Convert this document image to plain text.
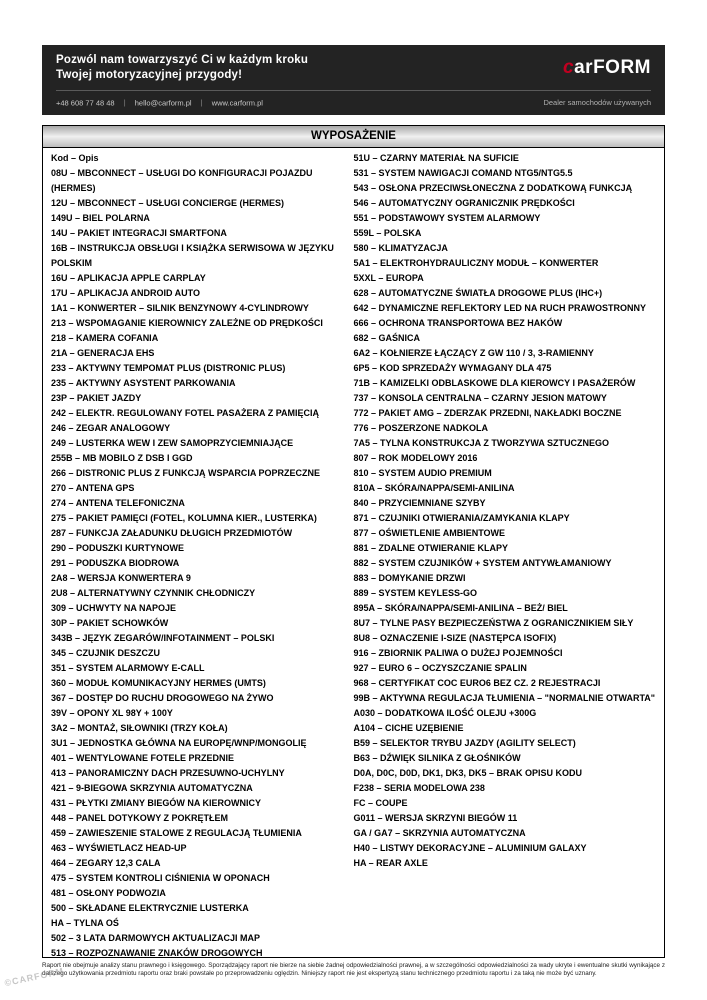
Pozwól nam towarzyszyć Ci w każdym kroku
Twojej motoryzacyjnej przygody!	carFORM
+48 608 77 48 48 | hello@carform.pl | www.carform.pl	Dealer samochodów używanych
WYPOSAŻENIE
Kod – Opis
08U – MBCONNECT – USŁUGI DO KONFIGURACJI POJAZDU (HERMES)
12U – MBCONNECT – USŁUGI CONCIERGE (HERMES)
149U – BIEL POLARNA
14U – PAKIET INTEGRACJI SMARTFONA
16B – INSTRUKCJA OBSŁUGI I KSIĄŻKA SERWISOWA W JĘZYKU POLSKIM
16U – APLIKACJA APPLE CARPLAY
17U – APLIKACJA ANDROID AUTO
1A1 – KONWERTER – SILNIK BENZYNOWY 4-CYLINDROWY
213 – WSPOMAGANIE KIEROWNICY ZALEŻNE OD PRĘDKOŚCI
218 – KAMERA COFANIA
21A – GENERACJA EHS
233 – AKTYWNY TEMPOMAT PLUS (DISTRONIC PLUS)
235 – AKTYWNY ASYSTENT PARKOWANIA
23P – PAKIET JAZDY
242 – ELEKTR. REGULOWANY FOTEL PASAŻERA Z PAMIĘCIĄ
246 – ZEGAR ANALOGOWY
249 – LUSTERKA WEW I ZEW SAMOPRZYCIEMNIAJĄCE
255B – MB MOBILO Z DSB I GGD
266 – DISTRONIC PLUS Z FUNKCJĄ WSPARCIA POPRZECZNE
270 – ANTENA GPS
274 – ANTENA TELEFONICZNA
275 – PAKIET PAMIĘCI (FOTEL, KOLUMNA KIER., LUSTERKA)
287 – FUNKCJA ZAŁADUNKU DŁUGICH PRZEDMIOTÓW
290 – PODUSZKI KURTYNOWE
291 – PODUSZKA BIODROWA
2A8 – WERSJA KONWERTERA 9
2U8 – ALTERNATYWNY CZYNNIK CHŁODNICZY
309 – UCHWYTY NA NAPOJE
30P – PAKIET SCHOWKÓW
343B – JĘZYK ZEGARÓW/INFOTAINMENT – POLSKI
345 – CZUJNIK DESZCZU
351 – SYSTEM ALARMOWY E-CALL
360 – MODUŁ KOMUNIKACYJNY HERMES (UMTS)
367 – DOSTĘP DO RUCHU DROGOWEGO NA ŻYWO
39V – OPONY XL 98Y + 100Y
3A2 – MONTAŻ, SIŁOWNIKI (TRZY KOŁA)
3U1 – JEDNOSTKA GŁÓWNA NA EUROPĘ/WNP/MONGOLIĘ
401 – WENTYLOWANE FOTELE PRZEDNIE
413 – PANORAMICZNY DACH PRZESUWNO-UCHYLNY
421 – 9-BIEGOWA SKRZYNIA AUTOMATYCZNA
431 – PŁYTKI ZMIANY BIEGÓW NA KIEROWNICY
448 – PANEL DOTYKOWY Z POKRĘTŁEM
459 – ZAWIESZENIE STALOWE Z REGULACJĄ TŁUMIENIA
463 – WYŚWIETLACZ HEAD-UP
464 – ZEGARY 12,3 CALA
475 – SYSTEM KONTROLI CIŚNIENIA W OPONACH
481 – OSŁONY PODWOZIA
500 – SKŁADANE ELEKTRYCZNIE LUSTERKA
HA – TYLNA OŚ
502 – 3 LATA DARMOWYCH AKTUALIZACJI MAP
513 – ROZPOZNAWANIE ZNAKÓW DROGOWYCH
51U – CZARNY MATERIAŁ NA SUFICIE
531 – SYSTEM NAWIGACJI COMAND NTG5/NTG5.5
543 – OSŁONA PRZECIWSŁONECZNA Z DODATKOWĄ FUNKCJĄ
546 – AUTOMATYCZNY OGRANICZNIK PRĘDKOŚCI
551 – PODSTAWOWY SYSTEM ALARMOWY
559L – POLSKA
580 – KLIMATYZACJA
5A1 – ELEKTROHYDRAULICZNY MODUŁ – KONWERTER
5XXL – EUROPA
628 – AUTOMATYCZNE ŚWIATŁA DROGOWE PLUS (IHC+)
642 – DYNAMICZNE REFLEKTORY LED NA RUCH PRAWOSTRONNY
666 – OCHRONA TRANSPORTOWA BEZ HAKÓW
682 – GAŚNICA
6A2 – KOŁNIERZE ŁĄCZĄCY Z GW 110 / 3, 3-RAMIENNY
6P5 – KOD SPRZEDAŻY WYMAGANY DLA 475
71B – KAMIZELKI ODBLASKOWE DLA KIEROWCY I PASAŻERÓW
737 – KONSOLA CENTRALNA – CZARNY JESION MATOWY
772 – PAKIET AMG – ZDERZAK PRZEDNI, NAKŁADKI BOCZNE
776 – POSZERZONE NADKOLA
7A5 – TYLNA KONSTRUKCJA Z TWORZYWA SZTUCZNEGO
807 – ROK MODELOWY 2016
810 – SYSTEM AUDIO PREMIUM
810A – SKÓRA/NAPPA/SEMI-ANILINA
840 – PRZYCIEMNIANE SZYBY
871 – CZUJNIKI OTWIERANIA/ZAMYKANIA KLAPY
877 – OŚWIETLENIE AMBIENTOWE
881 – ZDALNE OTWIERANIE KLAPY
882 – SYSTEM CZUJNIKÓW + SYSTEM ANTYWŁAMANIOWY
883 – DOMYKANIE DRZWI
889 – SYSTEM KEYLESS-GO
895A – SKÓRA/NAPPA/SEMI-ANILINA – BEŻ/ BIEL
8U7 – TYLNE PASY BEZPIECZEŃSTWA Z OGRANICZNIKIEM SIŁY
8U8 – OZNACZENIE I-SIZE (NASTĘPCA ISOFIX)
916 – ZBIORNIK PALIWA O DUŻEJ POJEMNOŚCI
927 – EURO 6 – OCZYSZCZANIE SPALIN
968 – CERTYFIKAT COC EURO6 BEZ CZ. 2 REJESTRACJI
99B – AKTYWNA REGULACJA TŁUMIENIA – "NORMALNIE OTWARTA"
A030 – DODATKOWA ILOŚĆ OLEJU +300G
A104 – CICHE UZĘBIENIE
B59 – SELEKTOR TRYBU JAZDY (AGILITY SELECT)
B63 – DŹWIĘK SILNIKA Z GŁOŚNIKÓW
D0A, D0C, D0D, DK1, DK3, DK5 – BRAK OPISU KODU
F238 – SERIA MODELOWA 238
FC – COUPE
G011 – WERSJA SKRZYNI BIEGÓW 11
GA / GA7 – SKRZYNIA AUTOMATYCZNA
H40 – LISTWY DEKORACYJNE – ALUMINIUM GALAXY
HA – REAR AXLE
Raport nie obejmuje analizy stanu prawnego i księgowego. Sporządzający raport nie bierze na siebie żadnej odpowiedzialności prawnej, a w szczególności odpowiedzialności za wady ukryte i ewentualne skutki wynikające z dalszego użytkowania przedmiotu raportu oraz braki powstałe po przeprowadzeniu oględzin. Niniejszy raport nie jest ekspertyzą stanu technicznego przedmiotu raportu i za taką nie może być uznany.
©CARFORM
